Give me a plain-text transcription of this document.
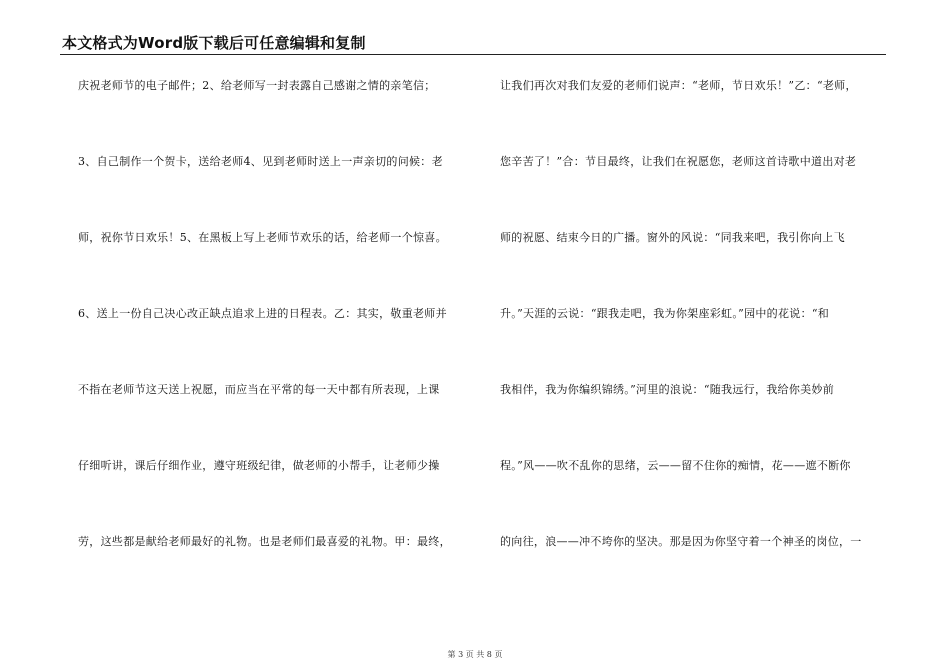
本文格式为Word版下载后可任意编辑和复制
庆祝老师节的电子邮件；2、给老师写一封表露自己感谢之情的亲笔信；
3、自己制作一个贺卡，送给老师4、见到老师时送上一声亲切的问候：老
师，祝你节日欢乐！5、在黑板上写上老师节欢乐的话，给老师一个惊喜。
6、送上一份自己决心改正缺点追求上进的日程表。乙：其实，敬重老师并
不指在老师节这天送上祝愿，而应当在平常的每一天中都有所表现，上课
仔细听讲，课后仔细作业，遵守班级纪律，做老师的小帮手，让老师少操
劳，这些都是献给老师最好的礼物。也是老师们最喜爱的礼物。甲：最终，
让我们再次对我们友爱的老师们说声：“老师，节日欢乐！”乙：“老师，
您辛苦了！”合：节目最终，让我们在祝愿您，老师这首诗歌中道出对老
师的祝愿、结束今日的广播。窗外的风说：“同我来吧，我引你向上飞
升。”天涯的云说：“跟我走吧，我为你架座彩虹。”园中的花说：“和
我相伴，我为你编织锦绣。”河里的浪说：“随我远行，我给你美妙前
程。”风——吹不乱你的思绪，云——留不住你的痴情，花——遮不断你
的向往，浪——冲不垮你的坚决。那是因为你坚守着一个神圣的岗位，一
第 3 页 共 8 页
